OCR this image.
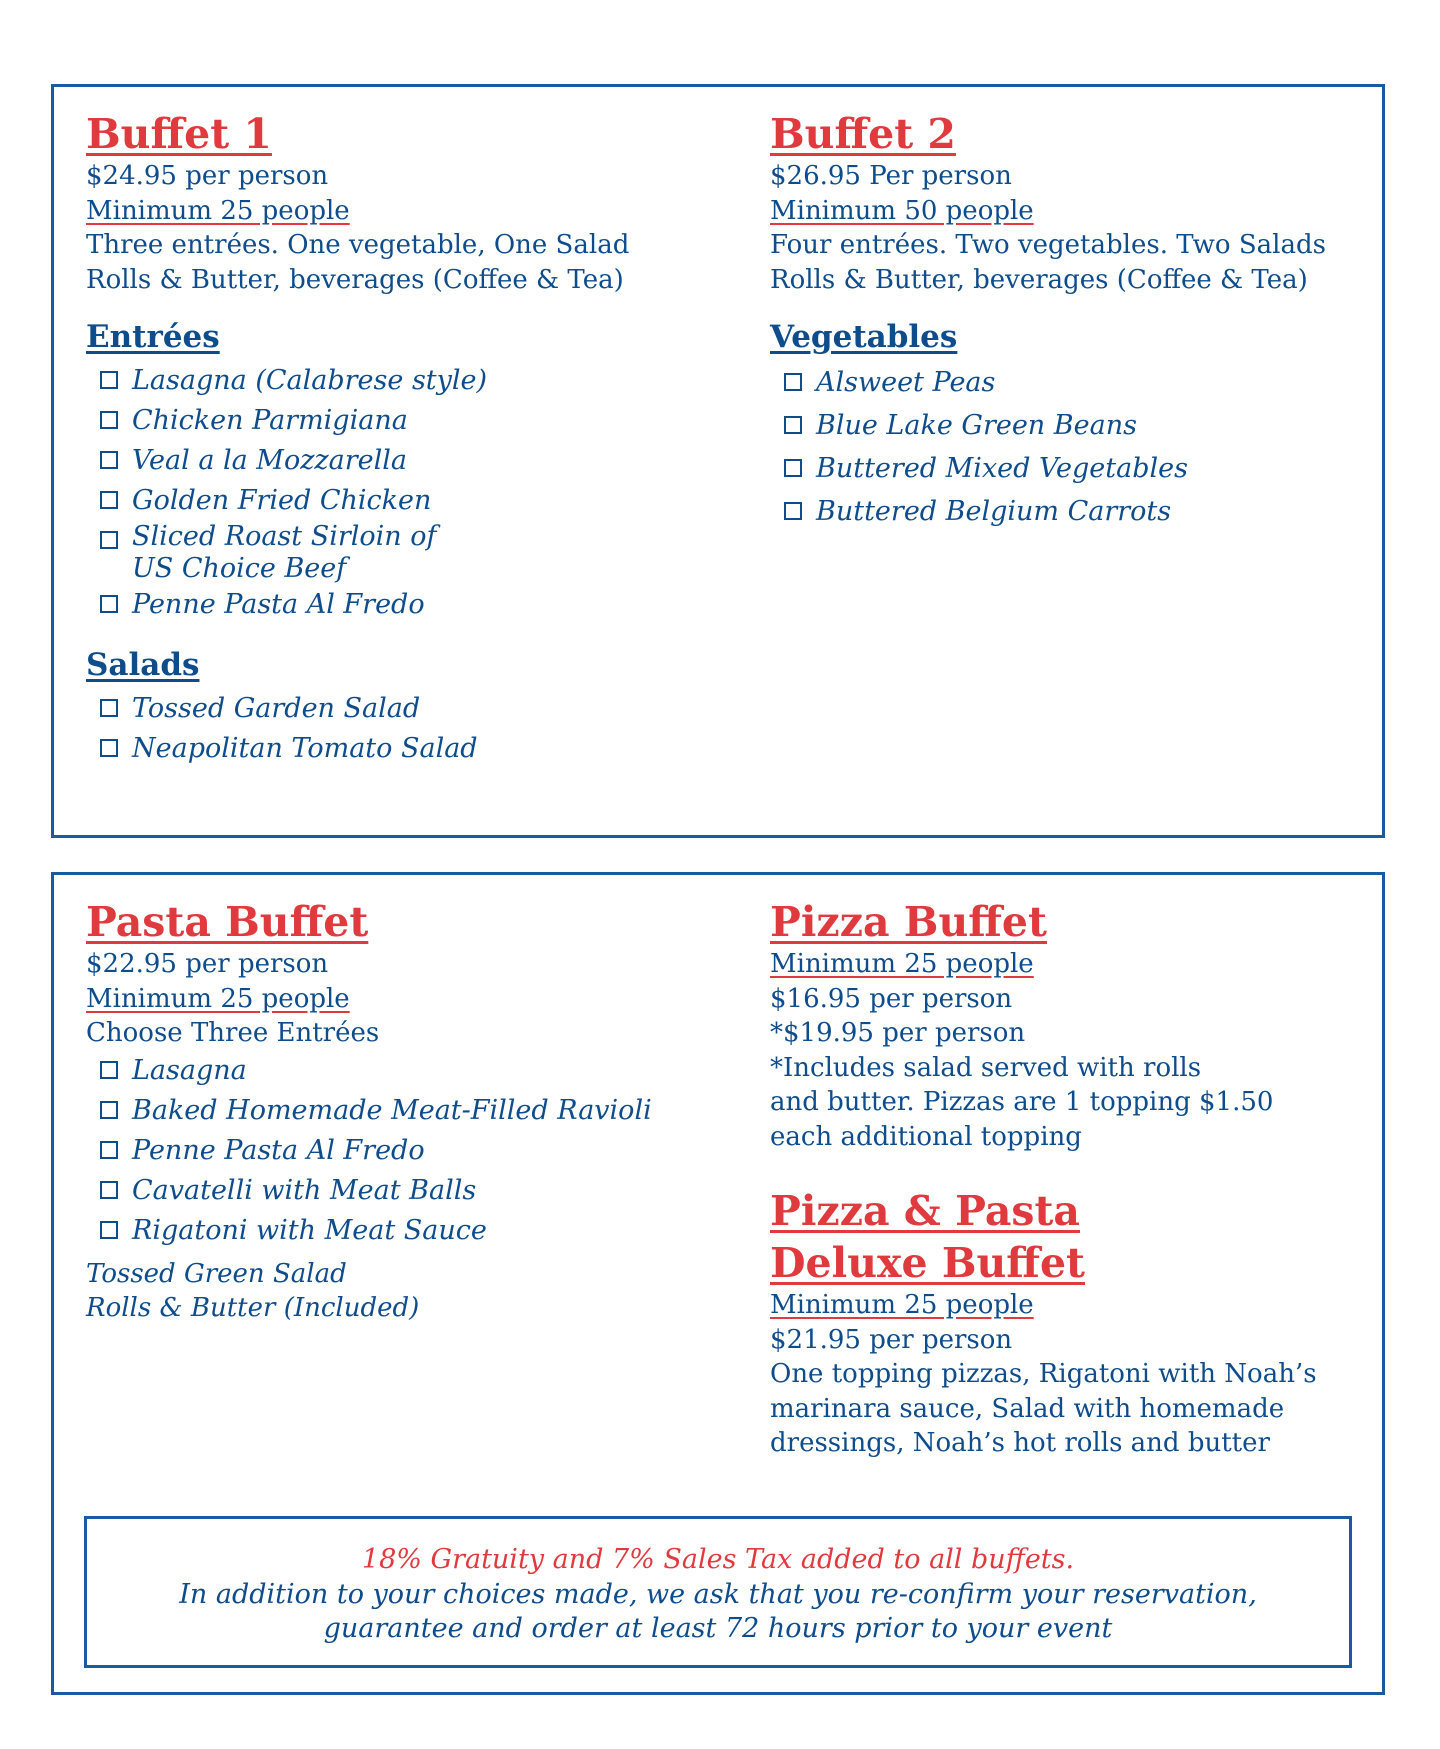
Buffet 1
$24.95 per person
Minimum 25 people
Three entrées. One vegetable, One Salad
Rolls & Butter, beverages (Coffee & Tea)
Entrées
Lasagna (Calabrese style)
Chicken Parmigiana
Veal a la Mozzarella
Golden Fried Chicken
Sliced Roast Sirloin of US Choice Beef
Penne Pasta Al Fredo
Salads
Tossed Garden Salad
Neapolitan Tomato Salad
Buffet 2
$26.95 Per person
Minimum 50 people
Four entrées. Two vegetables. Two Salads
Rolls & Butter, beverages (Coffee & Tea)
Vegetables
Alsweet Peas
Blue Lake Green Beans
Buttered Mixed Vegetables
Buttered Belgium Carrots
Pasta Buffet
$22.95 per person
Minimum 25 people
Choose Three Entrées
Lasagna
Baked Homemade Meat-Filled Ravioli
Penne Pasta Al Fredo
Cavatelli with Meat Balls
Rigatoni with Meat Sauce
Tossed Green Salad
Rolls & Butter (Included)
Pizza Buffet
Minimum 25 people
$16.95 per person
*$19.95 per person
*Includes salad served with rolls
and butter. Pizzas are 1 topping $1.50
each additional topping
Pizza & Pasta
Deluxe Buffet
Minimum 25 people
$21.95 per person
One topping pizzas, Rigatoni with Noah’s
marinara sauce, Salad with homemade
dressings, Noah’s hot rolls and butter
18% Gratuity and 7% Sales Tax added to all buffets.
In addition to your choices made, we ask that you re-confirm your reservation,
guarantee and order at least 72 hours prior to your event
